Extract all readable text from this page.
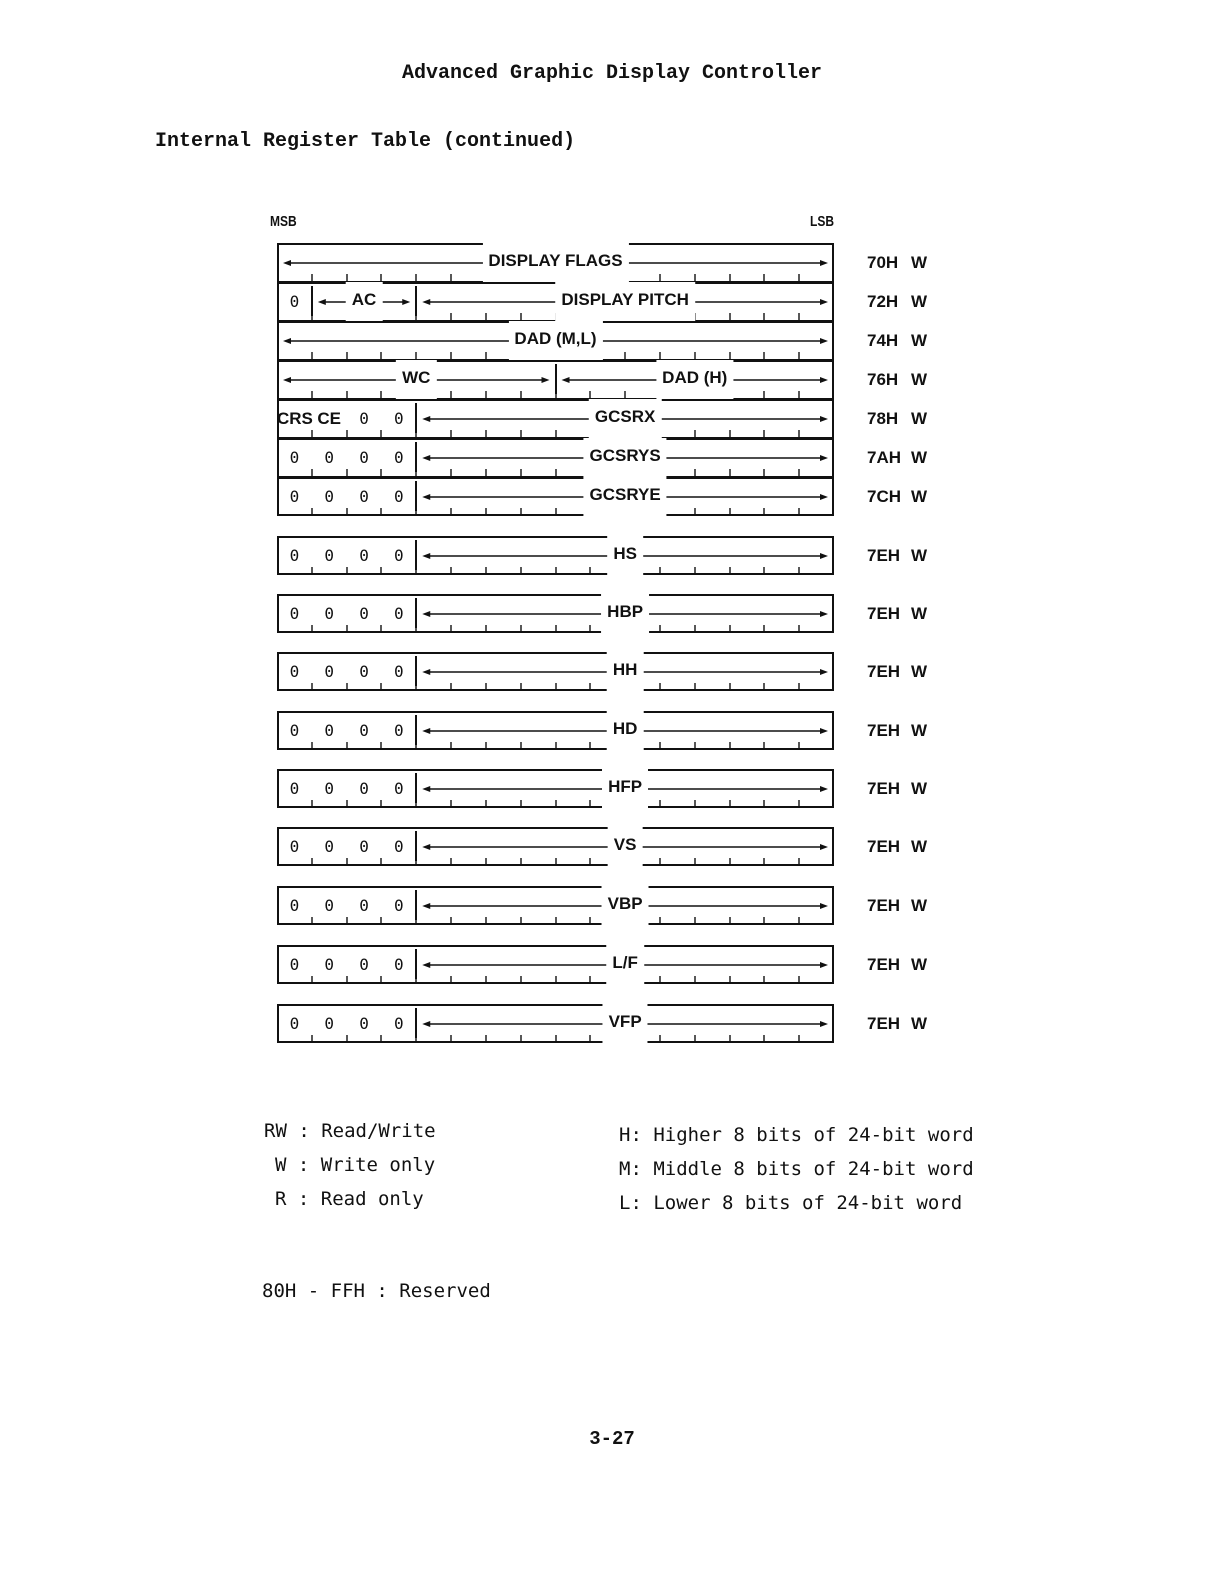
Advanced Graphic Display Controller
Internal Register Table (continued)
MSB	LSB
DISPLAY FLAGS	70H W
0	AC	DISPLAY PITCH	72H W
DAD (M,L)	74H W
WC	DAD (H)	76H W
CRS CE	0	0	GCSRX	78H W
0	0	0	0	GCSRYS	7AH W
0	0	0	0	GCSRYE	7CH W
0	0	0	0	HS	7EH W
0	0	0	0	HBP	7EH W
0	0	0	0	HH	7EH W
0	0	0	0	HD	7EH W
0	0	0	0	HFP	7EH W
0	0	0	0	VS	7EH W
0	0	0	0	VBP	7EH W
0	0	0	0	L/F	7EH W
0	0	0	0	VFP	7EH W
RW : Read/Write
W : Write only
R : Read only
H: Higher 8 bits of 24-bit word
M: Middle 8 bits of 24-bit word
L: Lower 8 bits of 24-bit word
80H - FFH : Reserved
3-27
